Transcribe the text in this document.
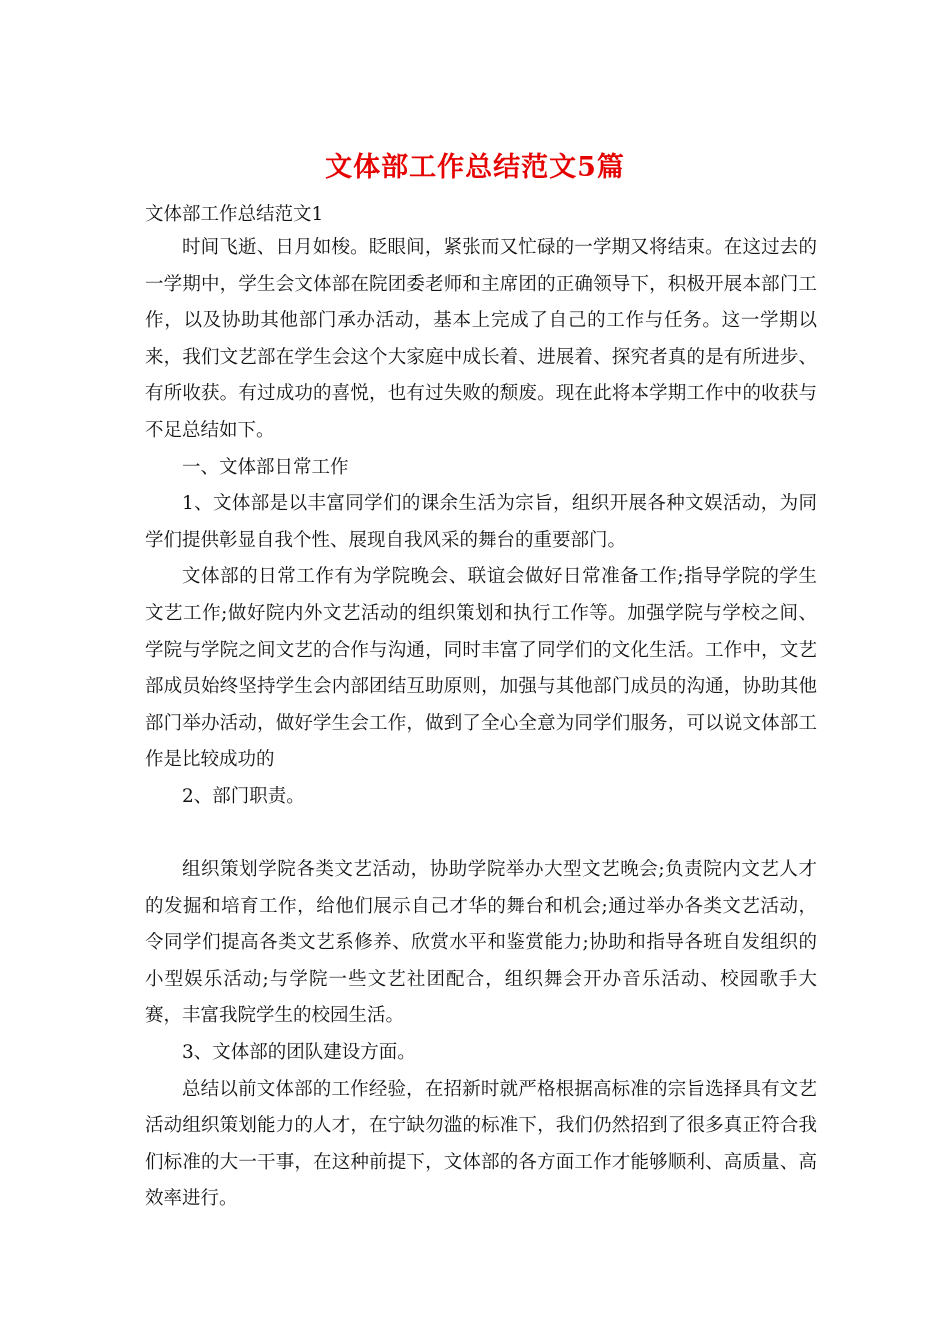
文体部工作总结范文5篇
文体部工作总结范文1

时间飞逝、日月如梭。眨眼间，紧张而又忙碌的一学期又将结束。在这过去的一学期中，学生会文体部在院团委老师和主席团的正确领导下，积极开展本部门工作，以及协助其他部门承办活动，基本上完成了自己的工作与任务。这一学期以来，我们文艺部在学生会这个大家庭中成长着、进展着、探究者真的是有所进步、有所收获。有过成功的喜悦，也有过失败的颓废。现在此将本学期工作中的收获与不足总结如下。

一、文体部日常工作

1、文体部是以丰富同学们的课余生活为宗旨，组织开展各种文娱活动，为同学们提供彰显自我个性、展现自我风采的舞台的重要部门。

文体部的日常工作有为学院晚会、联谊会做好日常准备工作;指导学院的学生文艺工作;做好院内外文艺活动的组织策划和执行工作等。加强学院与学校之间、学院与学院之间文艺的合作与沟通，同时丰富了同学们的文化生活。工作中，文艺部成员始终坚持学生会内部团结互助原则，加强与其他部门成员的沟通，协助其他部门举办活动，做好学生会工作，做到了全心全意为同学们服务，可以说文体部工作是比较成功的

2、部门职责。

组织策划学院各类文艺活动，协助学院举办大型文艺晚会;负责院内文艺人才的发掘和培育工作，给他们展示自己才华的舞台和机会;通过举办各类文艺活动，令同学们提高各类文艺系修养、欣赏水平和鉴赏能力;协助和指导各班自发组织的小型娱乐活动;与学院一些文艺社团配合，组织舞会开办音乐活动、校园歌手大赛，丰富我院学生的校园生活。

3、文体部的团队建设方面。

总结以前文体部的工作经验，在招新时就严格根据高标准的宗旨选择具有文艺活动组织策划能力的人才，在宁缺勿滥的标准下，我们仍然招到了很多真正符合我们标准的大一干事，在这种前提下，文体部的各方面工作才能够顺利、高质量、高效率进行。
